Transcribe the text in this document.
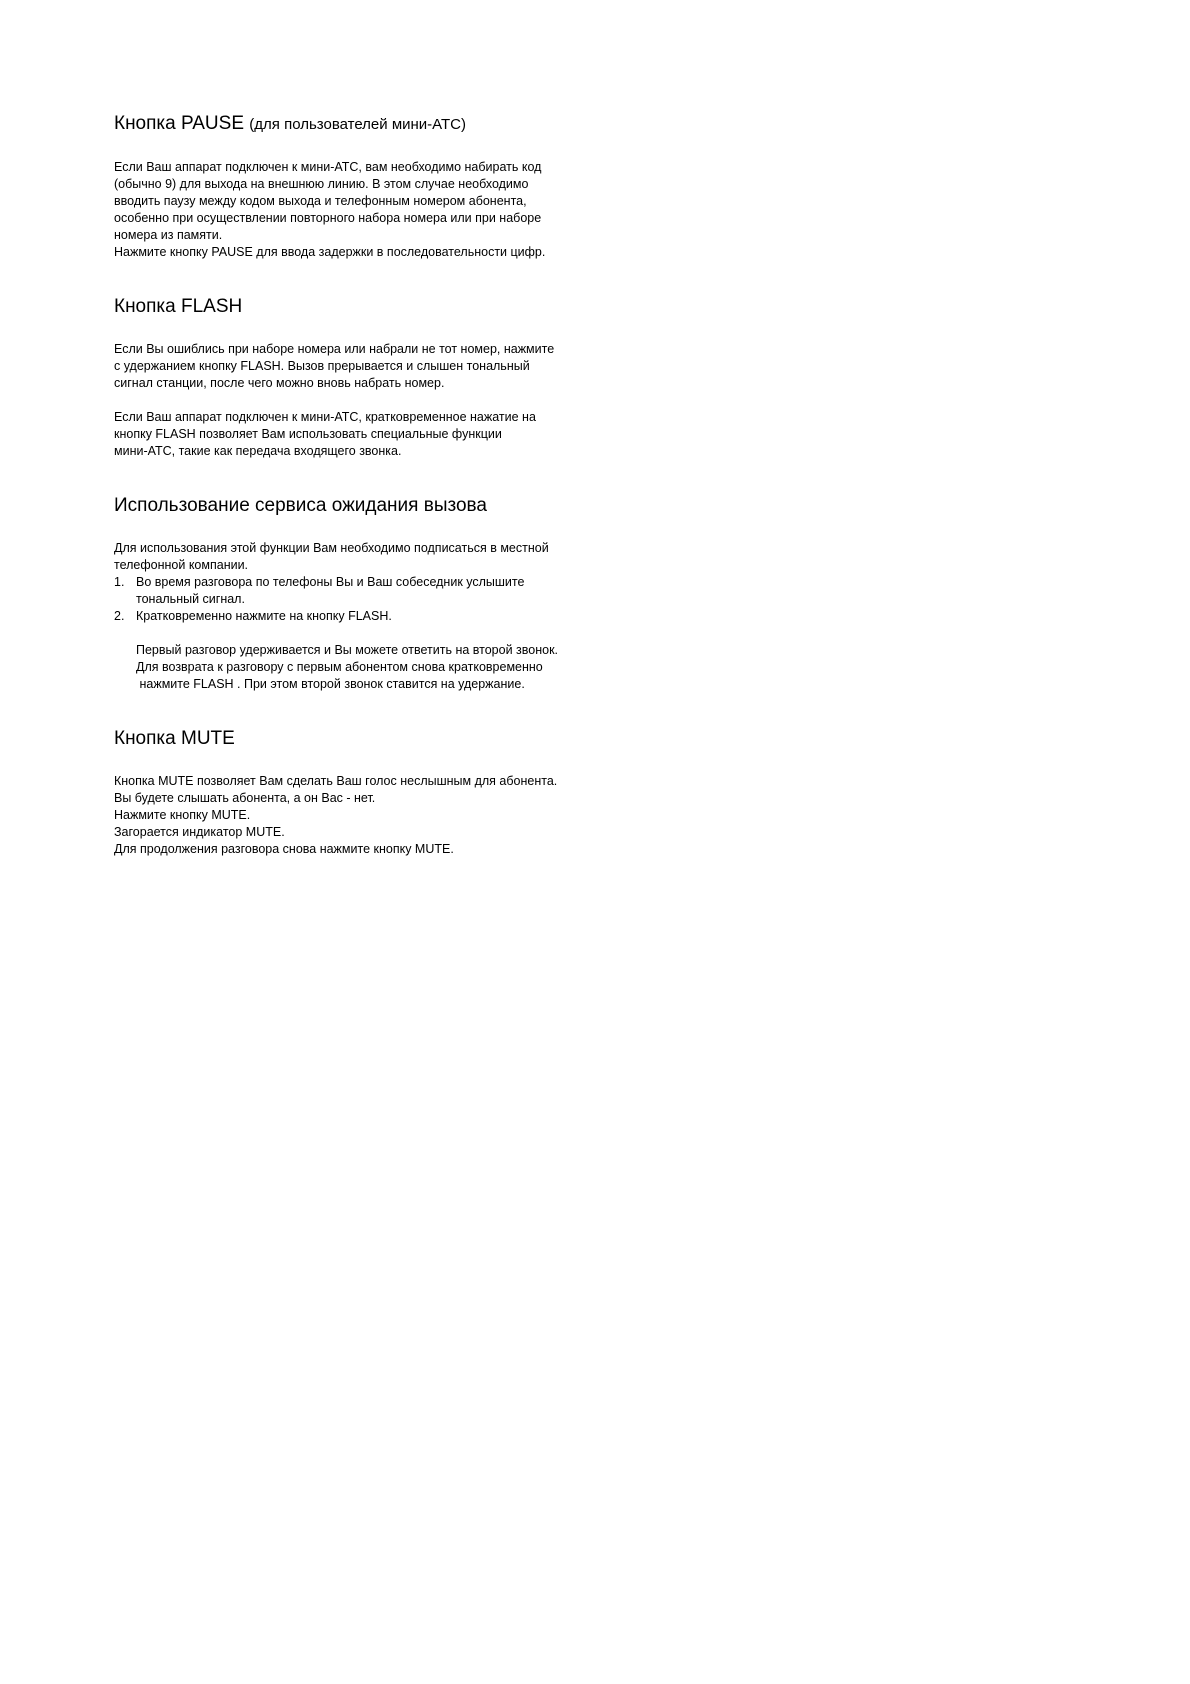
Кнопка PAUSE (для пользователей мини-АТС)

Если Ваш аппарат подключен к мини-АТС, вам необходимо набирать код

(обычно 9) для выхода на внешнюю линию. В этом случае необходимо

вводить паузу между кодом выхода и телефонным номером абонента,

особенно при осуществлении повторного набора номера или при наборе

номера из памяти.

Нажмите кнопку PAUSE для ввода задержки в последовательности цифр.

Кнопка FLASH

Если Вы ошиблись при наборе номера или набрали не тот номер, нажмите

с удержанием кнопку FLASH. Вызов прерывается и слышен тональный

сигнал станции, после чего можно вновь набрать номер.

Если Ваш аппарат подключен к мини-АТС, кратковременное нажатие на

кнопку FLASH позволяет Вам использовать специальные функции

мини-АТС, такие как передача входящего звонка.

Использование сервиса ожидания вызова

Для использования этой функции Вам необходимо подписаться в местной

телефонной компании.

1. Во время разговора по телефоны Вы и Ваш собеседник услышите
тональный сигнал.
2. Кратковременно нажмите на кнопку FLASH.

Первый разговор удерживается и Вы можете ответить на второй звонок.

Для возврата к разговору с первым абонентом снова кратковременно

нажмите FLASH . При этом второй звонок ставится на удержание.

Кнопка MUTE

Кнопка MUTE позволяет Вам сделать Ваш голос неслышным для абонента.

Вы будете слышать абонента, а он Вас - нет.

Нажмите кнопку MUTE.

Загорается индикатор MUTE.

Для продолжения разговора снова нажмите кнопку MUTE.
